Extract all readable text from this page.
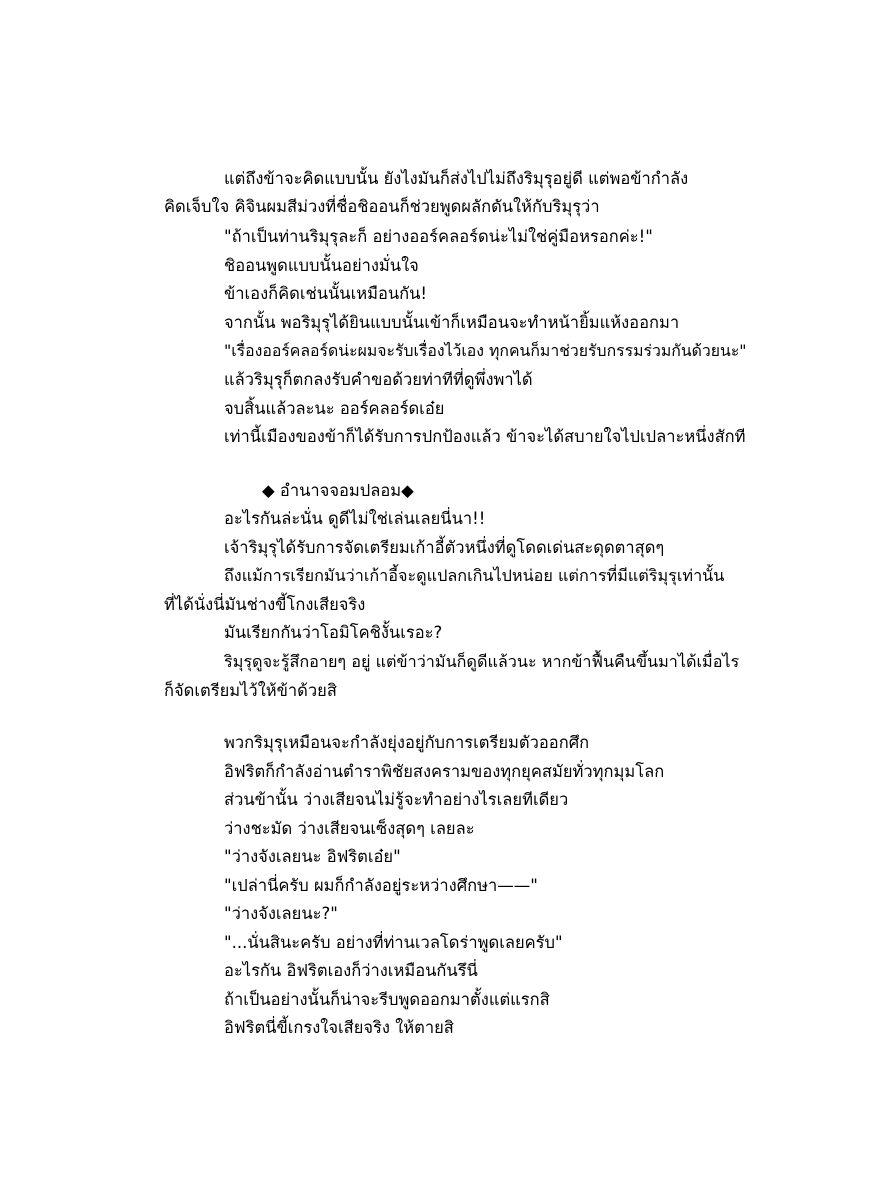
แต่ถึงข้าจะคิดแบบนั้น ยังไงมันก็ส่งไปไม่ถึงริมุรุอยู่ดี แต่พอข้ากำลัง
คิดเจ็บใจ คิจินผมสีม่วงที่ชื่อชิออนก็ช่วยพูดผลักดันให้กับริมุรุว่า
"ถ้าเป็นท่านริมุรุละก็ อย่างออร์คลอร์ดน่ะไม่ใช่คู่มือหรอกค่ะ!"
ชิออนพูดแบบนั้นอย่างมั่นใจ
ข้าเองก็คิดเช่นนั้นเหมือนกัน!
จากนั้น พอริมุรุได้ยินแบบนั้นเข้าก็เหมือนจะทำหน้ายิ้มแห้งออกมา
"เรื่องออร์คลอร์ดน่ะผมจะรับเรื่องไว้เอง ทุกคนก็มาช่วยรับกรรมร่วมกันด้วยนะ"
แล้วริมุรุก็ตกลงรับคำขอด้วยท่าทีที่ดูพึ่งพาได้
จบสิ้นแล้วละนะ ออร์คลอร์ดเอ๋ย
เท่านี้เมืองของข้าก็ได้รับการปกป้องแล้ว ข้าจะได้สบายใจไปเปลาะหนึ่งสักที
◆ อำนาจจอมปลอม◆
อะไรกันล่ะนั่น ดูดีไม่ใช่เล่นเลยนี่นา!!
เจ้าริมุรุได้รับการจัดเตรียมเก้าอี้ตัวหนึ่งที่ดูโดดเด่นสะดุดตาสุดๆ
ถึงแม้การเรียกมันว่าเก้าอี้จะดูแปลกเกินไปหน่อย แต่การที่มีแต่ริมุรุเท่านั้น
ที่ได้นั่งนี่มันช่างขี้โกงเสียจริง
มันเรียกกันว่าโอมิโคชิงั้นเรอะ?
ริมุรุดูจะรู้สึกอายๆ อยู่ แต่ข้าว่ามันก็ดูดีแล้วนะ หากข้าฟื้นคืนขึ้นมาได้เมื่อไร
ก็จัดเตรียมไว้ให้ข้าด้วยสิ
พวกริมุรุเหมือนจะกำลังยุ่งอยู่กับการเตรียมตัวออกศึก
อิฟริตก็กำลังอ่านตำราพิชัยสงครามของทุกยุคสมัยทั่วทุกมุมโลก
ส่วนข้านั้น ว่างเสียจนไม่รู้จะทำอย่างไรเลยทีเดียว
ว่างชะมัด ว่างเสียจนเซ็งสุดๆ เลยละ
"ว่างจังเลยนะ อิฟริตเอ๋ย"
"เปล่านี่ครับ ผมก็กำลังอยู่ระหว่างศึกษา——"
"ว่างจังเลยนะ?"
"...นั่นสินะครับ อย่างที่ท่านเวลโดร่าพูดเลยครับ"
อะไรกัน อิฟริตเองก็ว่างเหมือนกันรึนี่
ถ้าเป็นอย่างนั้นก็น่าจะรีบพูดออกมาตั้งแต่แรกสิ
อิฟริตนี่ขี้เกรงใจเสียจริง ให้ตายสิ
